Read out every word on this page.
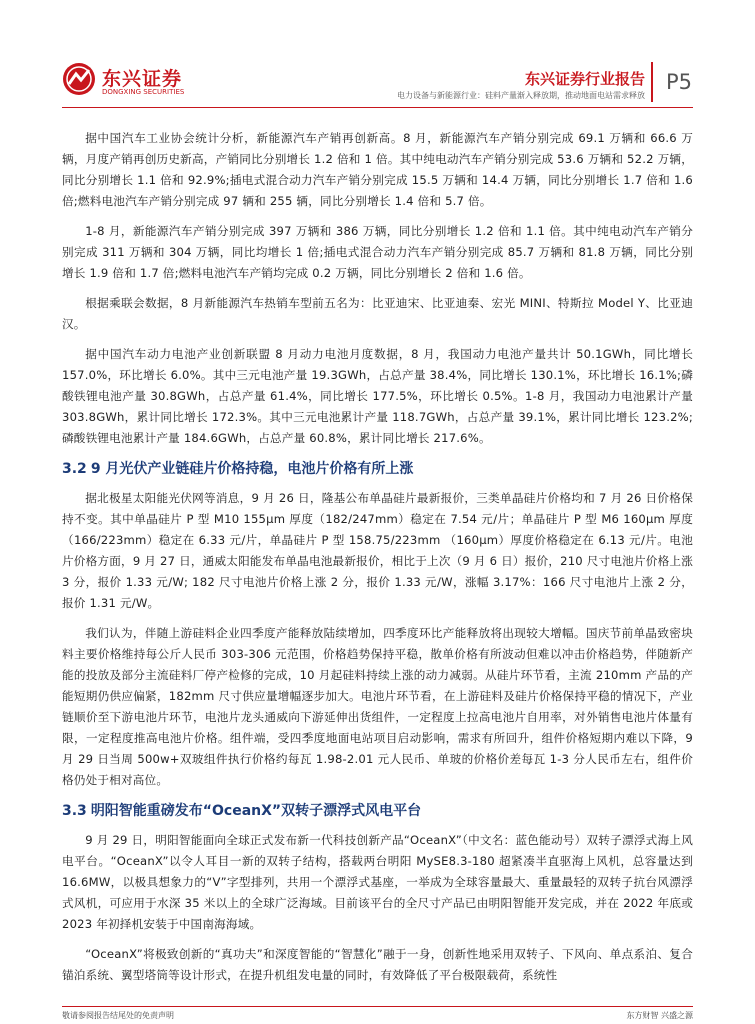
东兴证券
DONGXING SECURITIES
东兴证券行业报告
电力设备与新能源行业：硅料产量渐入释放期，推动地面电站需求释放
P5

据中国汽车工业协会统计分析，新能源汽车产销再创新高。8 月，新能源汽车产销分别完成 69.1 万辆和 66.6 万辆，月度产销再创历史新高，产销同比分别增长 1.2 倍和 1 倍。其中纯电动汽车产销分别完成 53.6 万辆和 52.2 万辆，同比分别增长 1.1 倍和 92.9%;插电式混合动力汽车产销分别完成 15.5 万辆和 14.4 万辆，同比分别增长 1.7 倍和 1.6 倍;燃料电池汽车产销分别完成 97 辆和 255 辆，同比分别增长 1.4 倍和 5.7 倍。

1-8 月，新能源汽车产销分别完成 397 万辆和 386 万辆，同比分别增长 1.2 倍和 1.1 倍。其中纯电动汽车产销分别完成 311 万辆和 304 万辆，同比均增长 1 倍;插电式混合动力汽车产销分别完成 85.7 万辆和 81.8 万辆，同比分别增长 1.9 倍和 1.7 倍;燃料电池汽车产销均完成 0.2 万辆，同比分别增长 2 倍和 1.6 倍。

根据乘联会数据，8 月新能源汽车热销车型前五名为：比亚迪宋、比亚迪秦、宏光 MINI、特斯拉 Model Y、比亚迪汉。

据中国汽车动力电池产业创新联盟 8 月动力电池月度数据，8 月，我国动力电池产量共计 50.1GWh，同比增长 157.0%，环比增长 6.0%。其中三元电池产量 19.3GWh，占总产量 38.4%，同比增长 130.1%，环比增长 16.1%;磷酸铁锂电池产量 30.8GWh，占总产量 61.4%，同比增长 177.5%，环比增长 0.5%。1-8 月，我国动力电池累计产量 303.8GWh，累计同比增长 172.3%。其中三元电池累计产量 118.7GWh，占总产量 39.1%，累计同比增长 123.2%;磷酸铁锂电池累计产量 184.6GWh，占总产量 60.8%，累计同比增长 217.6%。

3.2 9 月光伏产业链硅片价格持稳，电池片价格有所上涨

据北极星太阳能光伏网等消息，9 月 26 日，隆基公布单晶硅片最新报价，三类单晶硅片价格均和 7 月 26 日价格保持不变。其中单晶硅片 P 型 M10 155μm 厚度（182/247mm）稳定在 7.54 元/片；单晶硅片 P 型 M6 160μm 厚度（166/223mm）稳定在 6.33 元/片，单晶硅片 P 型 158.75/223mm （160μm）厚度价格稳定在 6.13 元/片。电池片价格方面，9 月 27 日，通威太阳能发布单晶电池最新报价，相比于上次（9 月 6 日）报价，210 尺寸电池片价格上涨 3 分，报价 1.33 元/W; 182 尺寸电池片价格上涨 2 分，报价 1.33 元/W，涨幅 3.17%：166 尺寸电池片上涨 2 分，报价 1.31 元/W。

我们认为，伴随上游硅料企业四季度产能释放陆续增加，四季度环比产能释放将出现较大增幅。国庆节前单晶致密块料主要价格维持每公斤人民币 303-306 元范围，价格趋势保持平稳，散单价格有所波动但难以冲击价格趋势，伴随新产能的投放及部分主流硅料厂停产检修的完成，10 月起硅料持续上涨的动力减弱。从硅片环节看，主流 210mm 产品的产能短期仍供应偏紧，182mm 尺寸供应量增幅逐步加大。电池片环节看，在上游硅料及硅片价格保持平稳的情况下，产业链顺价至下游电池片环节，电池片龙头通威向下游延伸出货组件，一定程度上拉高电池片自用率，对外销售电池片体量有限，一定程度推高电池片价格。组件端，受四季度地面电站项目启动影响，需求有所回升，组件价格短期内难以下降，9 月 29 日当周 500w+双玻组件执行价格约每瓦 1.98-2.01 元人民币、单玻的价格价差每瓦 1-3 分人民币左右，组件价格仍处于相对高位。

3.3 明阳智能重磅发布“OceanX”双转子漂浮式风电平台

9 月 29 日，明阳智能面向全球正式发布新一代科技创新产品“OceanX”（中文名：蓝色能动号）双转子漂浮式海上风电平台。“OceanX”以令人耳目一新的双转子结构，搭载两台明阳 MySE8.3-180 超紧凑半直驱海上风机，总容量达到 16.6MW，以极具想象力的“V”字型排列，共用一个漂浮式基座，一举成为全球容量最大、重量最轻的双转子抗台风漂浮式风机，可应用于水深 35 米以上的全球广泛海域。目前该平台的全尺寸产品已由明阳智能开发完成，并在 2022 年底或 2023 年初择机安装于中国南海海域。

“OceanX”将极致创新的“真功夫”和深度智能的“智慧化”融于一身，创新性地采用双转子、下风向、单点系泊、复合锚泊系统、翼型塔筒等设计形式，在提升机组发电量的同时，有效降低了平台极限载荷，系统性

敬请参阅报告结尾处的免责声明	东方财智 兴盛之源
